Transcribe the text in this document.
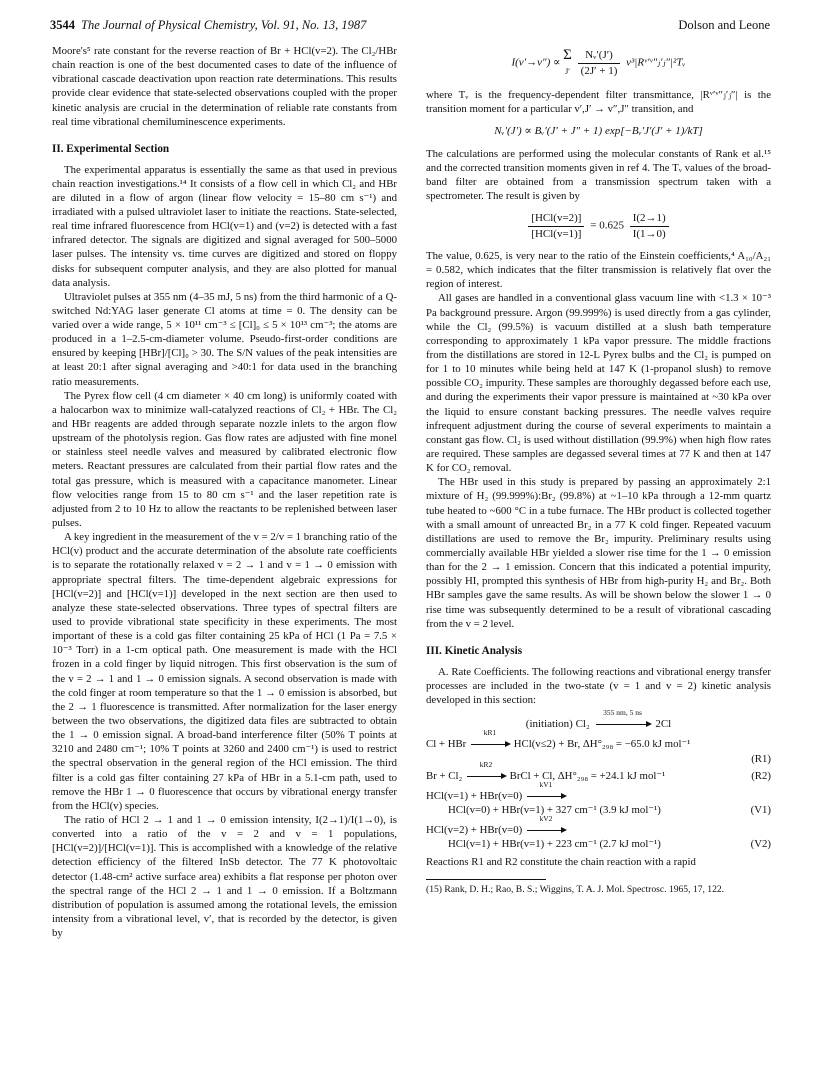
3544 The Journal of Physical Chemistry, Vol. 91, No. 13, 1987	Dolson and Leone

Moore's⁵ rate constant for the reverse reaction of Br + HCl(v=2). The Cl₂/HBr chain reaction is one of the best documented cases to date of the influence of vibrational cascade deactivation upon reaction rate determinations. This results provide clear evidence that state-selected observations coupled with the proper kinetic analysis are crucial in the determination of reliable rate constants from real time vibrational chemiluminescence experiments.

II. Experimental Section

The experimental apparatus is essentially the same as that used in previous chain reaction investigations.¹⁴ It consists of a flow cell in which Cl₂ and HBr are diluted in a flow of argon (linear flow velocity = 15–80 cm s⁻¹) and irradiated with a pulsed ultraviolet laser to initiate the reactions. State-selected, real time infrared fluorescence from HCl(v=1) and (v=2) is detected with a fast infrared detector. The signals are digitized and signal averaged for 500–5000 laser pulses. The intensity vs. time curves are digitized and stored on floppy disks for subsequent computer analysis, and they are also plotted for manual data analysis.

Ultraviolet pulses at 355 nm (4–35 mJ, 5 ns) from the third harmonic of a Q-switched Nd:YAG laser generate Cl atoms at time = 0. The density can be varied over a wide range, 5 × 10¹¹ cm⁻³ ≤ [Cl]₀ ≤ 5 × 10¹³ cm⁻³; the atoms are produced in a 1–2.5-cm-diameter volume. Pseudo-first-order conditions are ensured by keeping [HBr]/[Cl]₀ > 30. The S/N values of the peak intensities are at least 20:1 after signal averaging and >40:1 for data used in the branching ratio measurements.

The Pyrex flow cell (4 cm diameter × 40 cm long) is uniformly coated with a halocarbon wax to minimize wall-catalyzed reactions of Cl₂ + HBr. The Cl₂ and HBr reagents are added through separate nozzle inlets to the argon flow upstream of the photolysis region. Gas flow rates are adjusted with fine monel or stainless steel needle valves and measured by calibrated electronic flow meters. Reactant pressures are calculated from their partial flow rates and the total gas pressure, which is measured with a capacitance manometer. Linear flow velocities range from 15 to 80 cm s⁻¹ and the laser repetition rate is adjusted from 2 to 10 Hz to allow the reactants to be replenished between laser pulses.

A key ingredient in the measurement of the v = 2/v = 1 branching ratio of the HCl(v) product and the accurate determination of the absolute rate coefficients is to separate the rotationally relaxed v = 2 → 1 and v = 1 → 0 emission with appropriate spectral filters. The time-dependent algebraic expressions for [HCl(v=2)] and [HCl(v=1)] developed in the next section are then used to analyze these state-selected observations. Three types of spectral filters are used to provide vibrational state specificity in these experiments. The most important of these is a cold gas filter containing 25 kPa of HCl (1 Pa = 7.5 × 10⁻³ Torr) in a 1-cm optical path. One measurement is made with the HCl frozen in a cold finger by liquid nitrogen. This first observation is the sum of the v = 2 → 1 and 1 → 0 emission signals. A second observation is made with the cold finger at room temperature so that the 1 → 0 emission is absorbed, but the 2 → 1 fluorescence is transmitted. After normalization for the laser energy between the two observations, the digitized data files are subtracted to obtain the 1 → 0 emission signal. A broad-band interference filter (50% T points at 3210 and 2480 cm⁻¹; 10% T points at 3260 and 2400 cm⁻¹) is used to restrict the spectral observation in the general region of the HCl emission. The third filter is a cold gas filter containing 27 kPa of HBr in a 5.1-cm path, used to remove the HBr 1 → 0 fluorescence that occurs by vibrational energy transfer from the HCl(v) species.

The ratio of HCl 2 → 1 and 1 → 0 emission intensity, I(2→1)/I(1→0), is converted into a ratio of the v = 2 and v = 1 populations, [HCl(v=2)]/[HCl(v=1)]. This is accomplished with a knowledge of the relative detection efficiency of the filtered InSb detector. The 77 K photovoltaic detector (1.48-cm² active surface area) exhibits a flat response per photon over the spectral range of the HCl 2 → 1 and 1 → 0 emission. If a Boltzmann distribution of population is assumed among the rotational levels, the emission intensity from a vibrational level, v′, that is recorded by the detector, is given by

I(v′→v″) ∝ Σ
$J' \frac{\text{Nᵥ′(J′)}}{(2J' + 1)}$ ν³|Rᵛ′ᵛ″ⱼ′ⱼ″|²Tᵥ

where Tᵥ is the frequency-dependent filter transmittance, |Rᵛ′ᵛ″ⱼ′ⱼ″| is the transition moment for a particular v′,J′ → v″,J″ transition, and

Nᵥ′(J′) ∝ Bᵥ′(J′ + J″ + 1) exp[−Bᵥ′J′(J′ + 1)/kT]

The calculations are performed using the molecular constants of Rank et al.¹⁵ and the corrected transition moments given in ref 4. The Tᵥ values of the broad-band filter are obtained from a transmission spectrum taken with a spectrometer. The result is given by

$\frac{\text{[HCl(v=2)]}}{\text{[HCl(v=1)]}} = 0.625 \frac{I(2\to 1)}{I(1\to 0)}$

The value, 0.625, is very near to the ratio of the Einstein coefficients,⁴ A₁₀/A₂₁ = 0.582, which indicates that the filter transmission is relatively flat over the region of interest.

All gases are handled in a conventional glass vacuum line with <1.3 × 10⁻³ Pa background pressure. Argon (99.999%) is used directly from a gas cylinder, while the Cl₂ (99.5%) is vacuum distilled at a slush bath temperature corresponding to approximately 1 kPa vapor pressure. The middle fractions from the distillations are stored in 12-L Pyrex bulbs and the Cl₂ is pumped on for 1 to 10 minutes while being held at 147 K (1-propanol slush) to remove possible CO₂ impurity. These samples are thoroughly degassed before each use, and during the experiments their vapor pressure is maintained at ~30 kPa over the liquid to ensure constant backing pressures. The needle valves require infrequent adjustment during the course of several experiments to maintain a constant gas flow. Cl₂ is used without distillation (99.9%) when high flow rates are required. These samples are degassed several times at 77 K and then at 147 K for CO₂ removal.

The HBr used in this study is prepared by passing an approximately 2:1 mixture of H₂ (99.999%):Br₂ (99.8%) at ~1–10 kPa through a 12-mm quartz tube heated to ~600 °C in a tube furnace. The HBr product is collected together with a small amount of unreacted Br₂ in a 77 K cold finger. Repeated vacuum distillations are used to remove the Br₂ impurity. Preliminary results using commercially available HBr yielded a slower rise time for the 1 → 0 emission than for the 2 → 1 emission. Concern that this indicated a potential impurity, possibly HI, prompted this synthesis of HBr from high-purity H₂ and Br₂. Both HBr samples gave the same results. As will be shown below the slower 1 → 0 rise time was subsequently determined to be a result of vibrational cascading from the v = 2 level.

III. Kinetic Analysis

A. Rate Coefficients. The following reactions and vibrational energy transfer processes are included in the two-state (v = 1 and v = 2) kinetic analysis developed in this section:

(initiation) Cl₂
355 nm, 5 ns
2Cl
Cl + HBr
kR1
HCl(v≤2) + Br, ΔH°₂₉₈ = −65.0 kJ mol⁻¹
(R1)
Br + Cl₂
kR2
BrCl + Cl, ΔH°₂₉₈ = +24.1 kJ mol⁻¹	(R2)
HCl(v=1) + HBr(v=0)
kV1
HCl(v=0) + HBr(v=1) + 327 cm⁻¹ (3.9 kJ mol⁻¹)	(V1)
HCl(v=2) + HBr(v=0)
kV2
HCl(v=1) + HBr(v=1) + 223 cm⁻¹ (2.7 kJ mol⁻¹)	(V2)

Reactions R1 and R2 constitute the chain reaction with a rapid

(15) Rank, D. H.; Rao, B. S.; Wiggins, T. A. J. Mol. Spectrosc. 1965, 17, 122.
